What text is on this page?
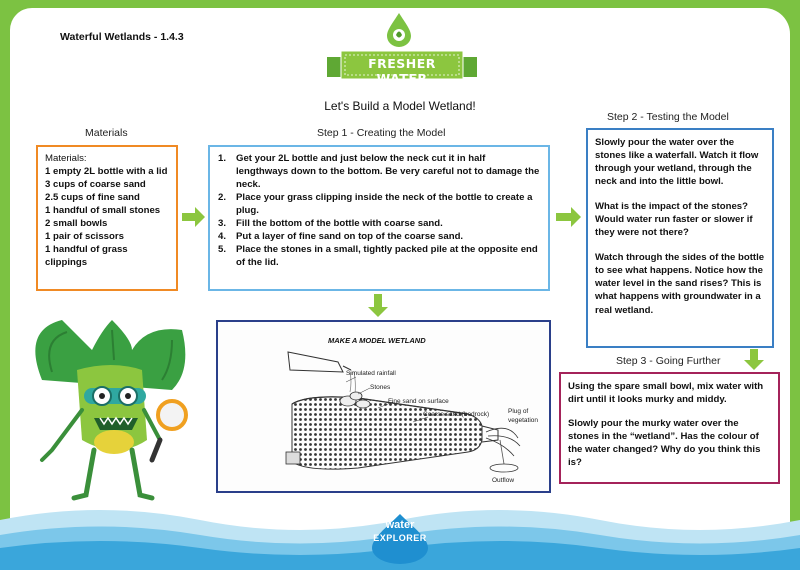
Waterful Wetlands - 1.4.3
FRESHER WATER
Let's Build a Model Wetland!
Materials
Materials:
1 empty 2L bottle with a lid
3 cups of coarse sand
2.5 cups of fine sand
1 handful of small stones
2 small bowls
1 pair of scissors
1 handful of grass clippings
Step 1 - Creating the Model
1.	Get your 2L bottle and just below the neck cut it in half lengthways down to the bottom. Be very careful not to damage the neck.
2.	Place your grass clipping inside the neck of the bottle to create a plug.
3.	Fill the bottom of the bottle with coarse sand.
4.	Put a layer of fine sand on top of the coarse sand.
5.	Place the stones in a small, tightly packed pile at the opposite end of the lid.
Step 2 - Testing the Model

Slowly pour the water over the stones like a waterfall. Watch it flow through your wetland, through the neck and into the little bowl.

What is the impact of the stones? Would water run faster or slower if they were not there?

Watch through the sides of the bottle to see what happens. Notice how the water level in the sand rises? This is what happens with groundwater in a real wetland.

Step 3 - Going Further

Using the spare small bowl, mix water with dirt until it looks murky and middy.

Slowly pour the murky water over the stones in the “wetland”. Has the colour of the water changed? Why do you think this is?

MAKE A MODEL WETLAND
Simulated rainfall
Stones
Fine sand on surface
Coarse sand (bedrock)	Plug of
vegetation
Outflow
water
EXPLORER
